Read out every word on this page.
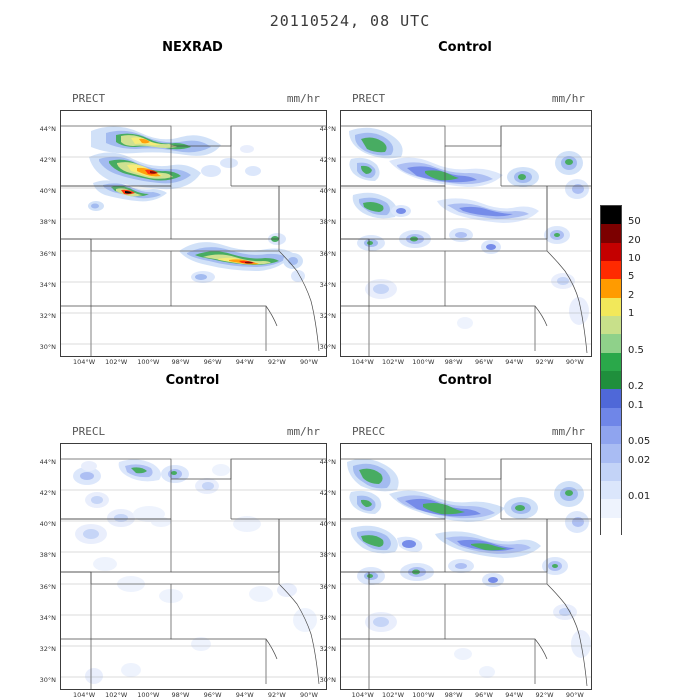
20110524, 08 UTC
NEXRAD	Control
Control	Control
PRECT	mm/hr	PRECT	mm/hr
PRECL	mm/hr	PRECC	mm/hr
44°N
42°N
40°N
38°N
36°N
34°N
32°N
30°N
104°W	102°W	100°W	98°W	96°W	94°W	92°W	90°W
44°N
42°N
40°N
38°N
36°N
34°N
32°N
30°N
104°W	102°W	100°W	98°W	96°W	94°W	92°W	90°W
44°N
42°N
40°N
38°N
36°N
34°N
32°N
30°N
104°W	102°W	100°W	98°W	96°W	94°W	92°W	90°W
44°N
42°N
40°N
38°N
36°N
34°N
32°N
30°N
104°W	102°W	100°W	98°W	96°W	94°W	92°W	90°W
50
20
10
5
2
1
0.5
0.2
0.1
0.05
0.02
0.01
